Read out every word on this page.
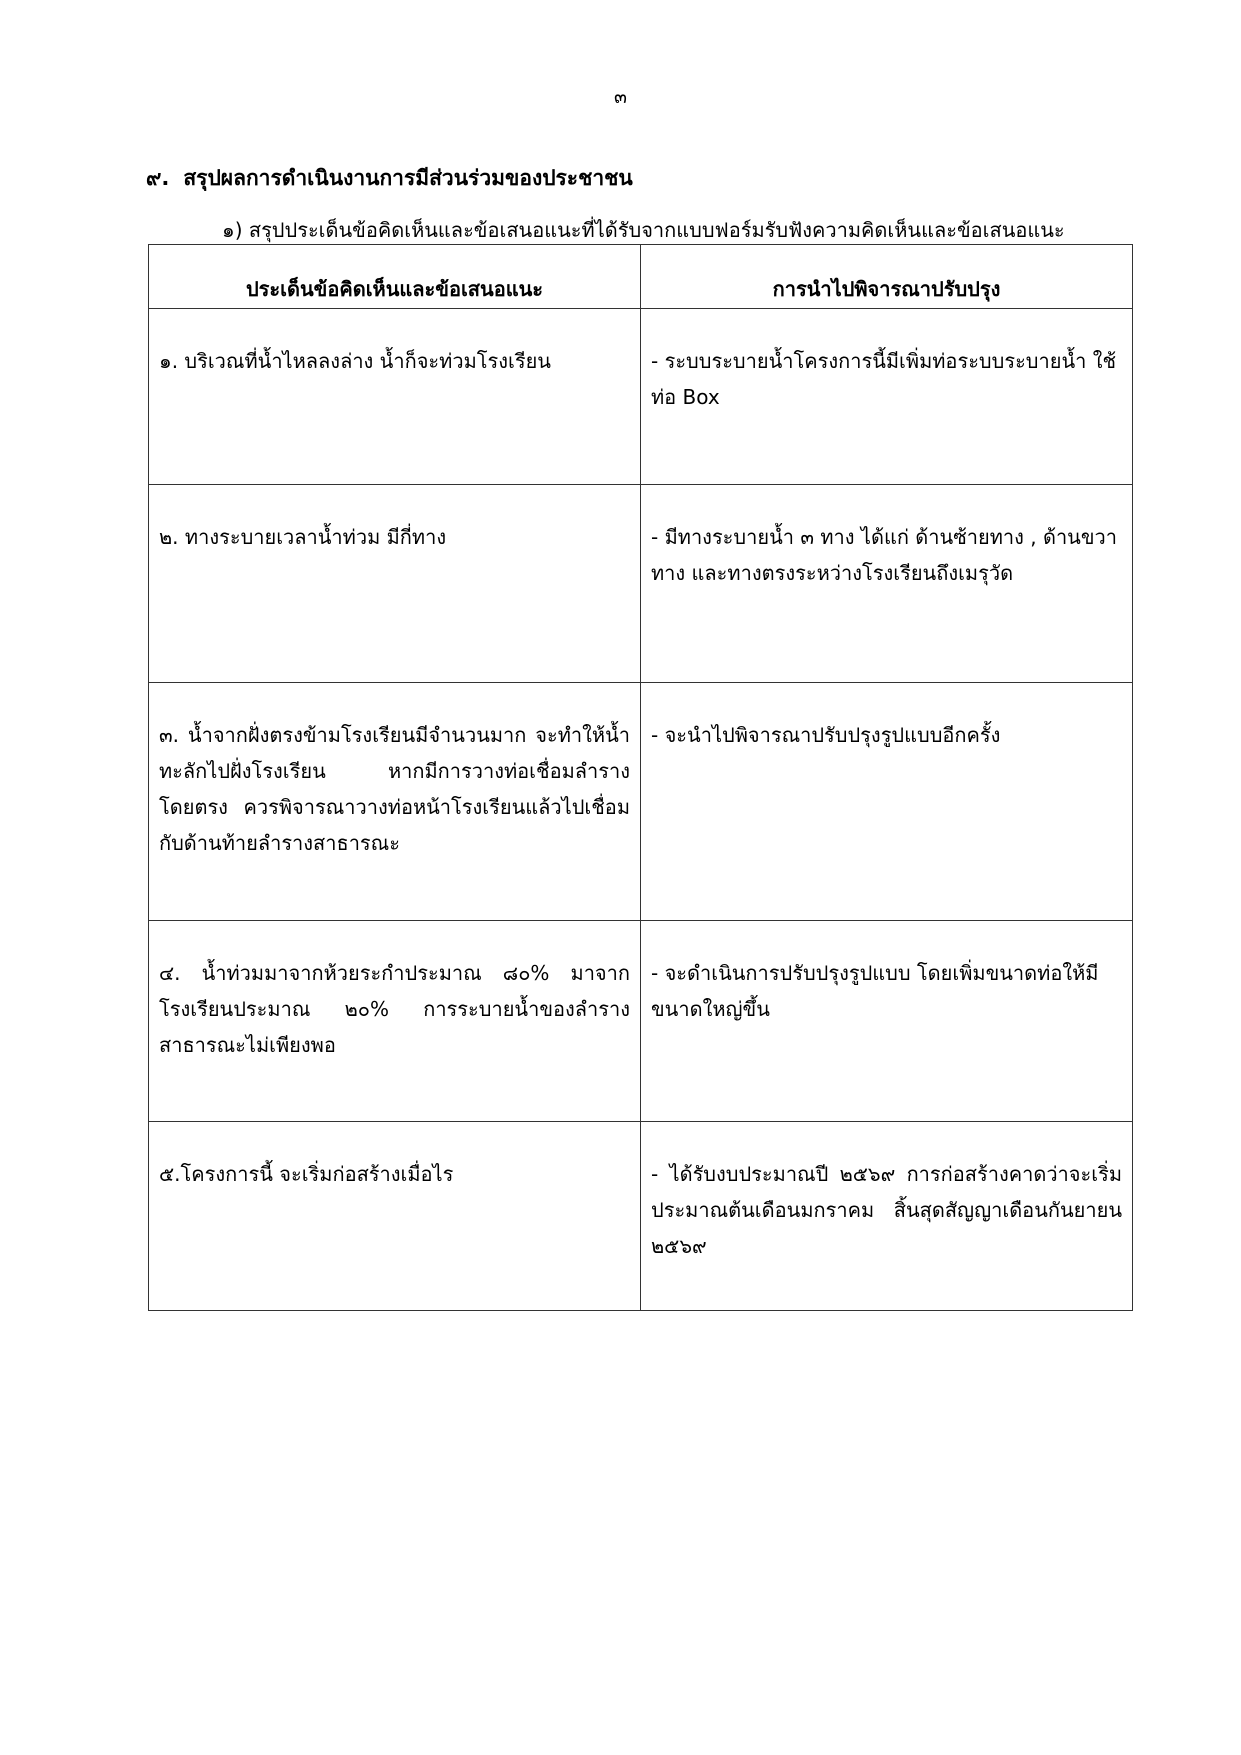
๓
๙. สรุปผลการดำเนินงานการมีส่วนร่วมของประชาชน
๑) สรุปประเด็นข้อคิดเห็นและข้อเสนอแนะที่ได้รับจากแบบฟอร์มรับฟังความคิดเห็นและข้อเสนอแนะ
ประเด็นข้อคิดเห็นและข้อเสนอแนะ	การนำไปพิจารณาปรับปรุง
๑. บริเวณที่น้ำไหลลงล่าง น้ำก็จะท่วมโรงเรียน	- ระบบระบายน้ำโครงการนี้มีเพิ่มท่อระบบระบายน้ำ ใช้ท่อ Box
๒. ทางระบายเวลาน้ำท่วม มีกี่ทาง	- มีทางระบายน้ำ ๓ ทาง ได้แก่ ด้านซ้ายทาง , ด้านขวาทาง และทางตรงระหว่างโรงเรียนถึงเมรุวัด
๓. น้ำจากฝั่งตรงข้ามโรงเรียนมีจำนวนมาก จะทำให้น้ำทะลักไปฝั่งโรงเรียน หากมีการวางท่อเชื่อมลำรางโดยตรง ควรพิจารณาวางท่อหน้าโรงเรียนแล้วไปเชื่อมกับด้านท้ายลำรางสาธารณะ	- จะนำไปพิจารณาปรับปรุงรูปแบบอีกครั้ง
๔. น้ำท่วมมาจากห้วยระกำประมาณ ๘๐% มาจากโรงเรียนประมาณ ๒๐% การระบายน้ำของลำรางสาธารณะไม่เพียงพอ	- จะดำเนินการปรับปรุงรูปแบบ โดยเพิ่มขนาดท่อให้มีขนาดใหญ่ขึ้น
๕.โครงการนี้ จะเริ่มก่อสร้างเมื่อไร	- ได้รับงบประมาณปี ๒๕๖๙ การก่อสร้างคาดว่าจะเริ่มประมาณต้นเดือนมกราคม สิ้นสุดสัญญาเดือนกันยายน ๒๕๖๙
